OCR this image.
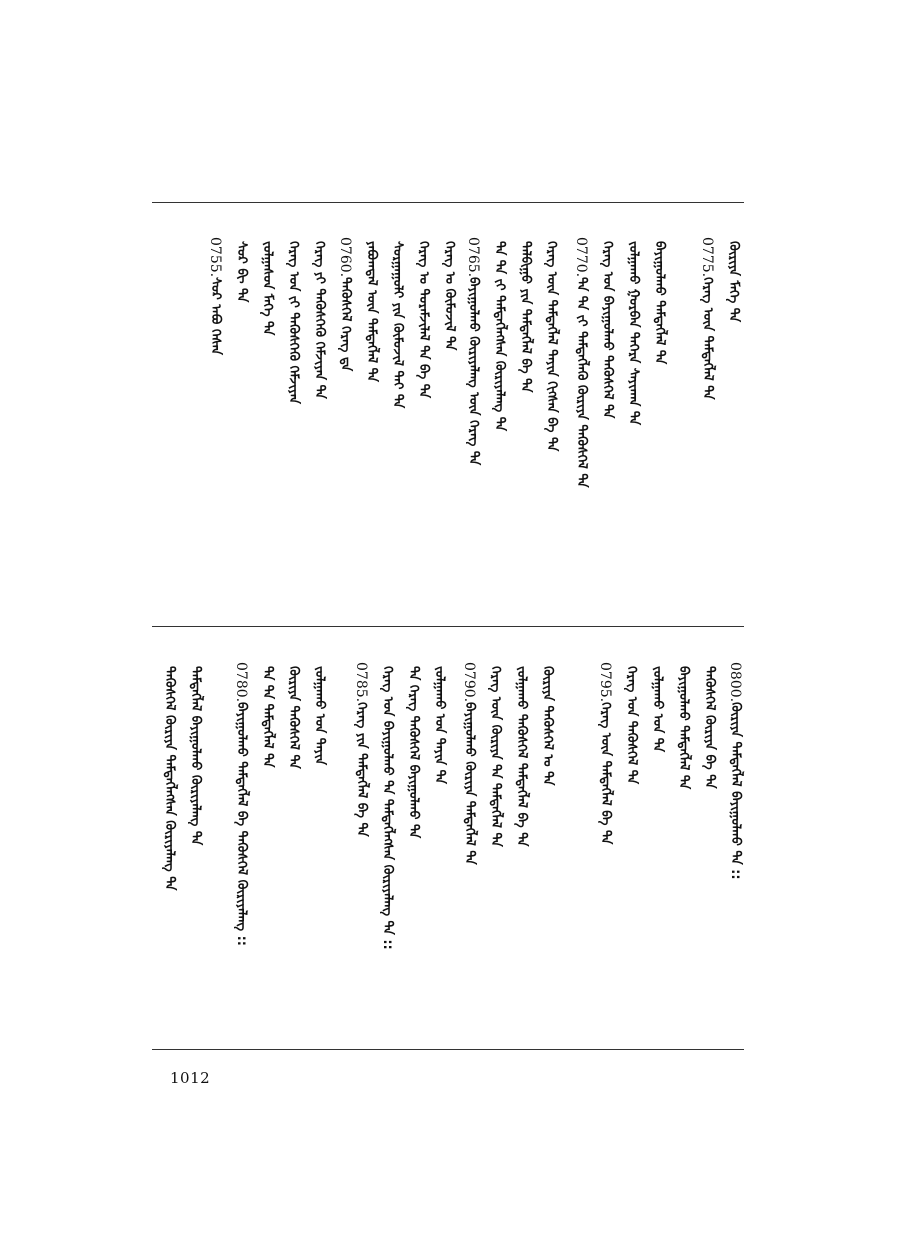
0755.
ᠰᠤᠷ ᠠᠪᠤ ᠬᠡᠰᠡᠨ
ᠰᠤᠷ ᠪᠢ ᠲᠡ ᠵᠤᠯᠭᠠᠰᠤᠨ ᠮᠡᠭᠡ ᠲᠡ ᠬᠡᠷᠡᠭ ᠤᠨ ᠵᠢ ᠲᠡᠭᠦᠰᠭᠡᠬᠦ ᠬᠡᠮᠵᠢᠶᠡᠨ ᠬᠡᠷᠡᠭ ᠶᠢ ᠲᠡᠬᠦᠰᠭᠡᠬᠦ ᠬᠡᠮᠵᠢᠶᠡᠨ ᠲᠡ 0760.
ᠲᠡᠭᠦᠰᠭᠡᠯ ᠬᠡᠷᠡᠭ ᠳᠡ ᠶᠠᠪᠤᠭᠳᠠᠯ ᠦᠨ ᠲᠡᠮᠳᠡᠭᠯᠡᠯ ᠲᠡ ᠰᠤᠷᠭᠠᠭᠤᠯᠢ ᠶᠢᠨ ᠬᠦᠮᠦᠵᠢᠯ ᠲᠡᠢ ᠲᠡ ᠬᠡᠷᠡᠭ ᠤ ᠳᠤᠷᠠᠮᠵᠢᠯᠠᠯ ᠲᠡ ᠪᠠ ᠲᠡ ᠬᠡᠷᠡᠭ ᠤ ᠬᠦᠮᠦᠵᠢᠯ ᠲᠡ 0765.
ᠪᠠᠶᠢᠭᠤᠯᠬᠤ ᠬᠦᠷᠢᠶᠡᠯᠡᠩ ᠦᠨ ᠬᠡᠷᠡᠭ ᠲᠡ ᠲᠡ ᠲᠡ ᠵᠢ ᠲᠡᠮᠳᠡᠭᠯᠡᠭᠰᠡᠨ ᠬᠦᠷᠢᠶᠡᠯᠡᠩ ᠲᠡ ᠲᠠᠯᠪᠢᠭᠤ ᠶᠢᠨ ᠲᠡᠮᠳᠡᠭᠯᠡᠯ ᠪᠠ ᠲᠡ ᠬᠡᠷᠡᠭ ᠦᠨ ᠲᠡᠮᠳᠡᠭᠯᠡᠯ ᠲᠡᠶᠢᠨ ᠬᠢᠭᠰᠡᠨ ᠪᠠ ᠲᠡ 0770.
ᠲᠡ ᠲᠡ ᠵᠢ ᠲᠡᠮᠳᠡᠭᠯᠡᠬᠦ ᠬᠦᠷᠢᠶᠡ ᠲᠡᠭᠦᠰᠬᠡᠯ ᠲᠡ ᠬᠡᠷᠡᠭ ᠤᠨ ᠪᠠᠶᠢᠭᠤᠯᠬᠤ ᠲᠡᠭᠦᠰᠬᠡᠯ ᠲᠡ ᠵᠤᠯᠭᠠᠬᠤ ᠭᠤᠷᠪᠠᠨ ᠳᠡᠭᠡᠷᠡ ᠰᠠᠶᠢᠬᠠᠨ ᠲᠡ ᠪᠠᠶᠢᠭᠤᠯᠬᠤ ᠲᠡᠮᠳᠡᠭᠯᠡᠯ ᠲᠡ 0775.
ᠬᠡᠷᠡᠭ ᠦᠨ ᠲᠡᠮᠳᠡᠭᠯᠡᠯ ᠲᠡ ᠬᠦᠷᠢᠶᠡ ᠮᠡᠭᠡ ᠲᠡ
ᠲᠡᠭᠦᠰᠬᠡᠯ ᠬᠦᠷᠢᠶᠡ ᠲᠡᠮᠳᠡᠭᠯᠡᠭᠰᠡᠨ ᠬᠦᠷᠢᠶᠡᠯᠡᠩ ᠲᠡ ᠲᠡᠮᠳᠡᠭᠯᠡᠯ ᠪᠠᠶᠢᠭᠤᠯᠬᠤ ᠬᠦᠷᠢᠶᠡᠯᠡᠩ ᠲᠡ 0780.
ᠪᠠᠶᠢᠭᠤᠯᠬᠤ ᠲᠡᠮᠳᠡᠭᠯᠡᠯ ᠪᠠ ᠲᠡᠭᠦᠰᠬᠡᠯ ᠬᠦᠷᠢᠶᠡᠯᠡᠩ :: ᠲᠡ ᠲᠡ ᠲᠡᠮᠳᠡᠭᠯᠡᠯ ᠲᠡ ᠬᠦᠷᠢᠶᠡ ᠲᠡᠭᠦᠰᠬᠡᠯ ᠲᠡ ᠵᠤᠯᠭᠠᠬᠤ ᠤᠨ ᠲᠡᠶᠢᠨ 0785.
ᠬᠡᠷᠡᠭ ᠶᠢᠨ ᠲᠡᠮᠳᠡᠭᠯᠡᠯ ᠪᠠ ᠲᠡ ᠬᠡᠷᠡᠭ ᠤᠨ ᠪᠠᠶᠢᠭᠤᠯᠬᠤ ᠲᠡ ᠲᠡᠮᠳᠡᠭᠯᠡᠭᠰᠡᠨ ᠬᠦᠷᠢᠶᠡᠯᠡᠩ ᠲᠡ :: ᠲᠡ ᠬᠡᠷᠡᠭ ᠲᠡᠭᠦᠰᠬᠡᠯ ᠪᠠᠶᠢᠭᠤᠯᠬᠤ ᠲᠡ ᠵᠤᠯᠭᠠᠬᠤ ᠤᠨ ᠲᠡᠶᠢᠨ ᠲᠡ 0790.
ᠪᠠᠶᠢᠭᠤᠯᠬᠤ ᠬᠦᠷᠢᠶᠡ ᠲᠡᠮᠳᠡᠭᠯᠡᠯ ᠲᠡ ᠬᠡᠷᠡᠭ ᠦᠨ ᠬᠦᠷᠢᠶᠡ ᠲᠡ ᠲᠡᠮᠳᠡᠭᠯᠡᠯ ᠲᠡ ᠵᠤᠯᠭᠠᠬᠤ ᠲᠡᠭᠦᠰᠬᠡᠯ ᠲᠡᠮᠳᠡᠭᠯᠡᠯ ᠪᠠ ᠲᠡ ᠬᠦᠷᠢᠶᠡ ᠲᠡᠭᠦᠰᠬᠡᠯ ᠤ ᠲᠡ	0795.
ᠬᠡᠷᠡᠭ ᠦᠨ ᠲᠡᠮᠳᠡᠭᠯᠡᠯ ᠪᠠ ᠲᠡ ᠬᠡᠷᠡᠭ ᠤᠨ ᠲᠡᠭᠦᠰᠬᠡᠯ ᠲᠡ ᠵᠤᠯᠭᠠᠬᠤ ᠤᠨ ᠲᠡ ᠪᠠᠶᠢᠭᠤᠯᠬᠤ ᠲᠡᠮᠳᠡᠭᠯᠡᠯ ᠲᠡ ᠲᠡᠭᠦᠰᠬᠡᠯ ᠬᠦᠷᠢᠶᠡ ᠪᠠ ᠲᠡ 0800.
ᠬᠦᠷᠢᠶᠡ ᠲᠡᠮᠳᠡᠭᠯᠡᠯ ᠪᠠᠶᠢᠭᠤᠯᠬᠤ ᠲᠡ ::
1012
